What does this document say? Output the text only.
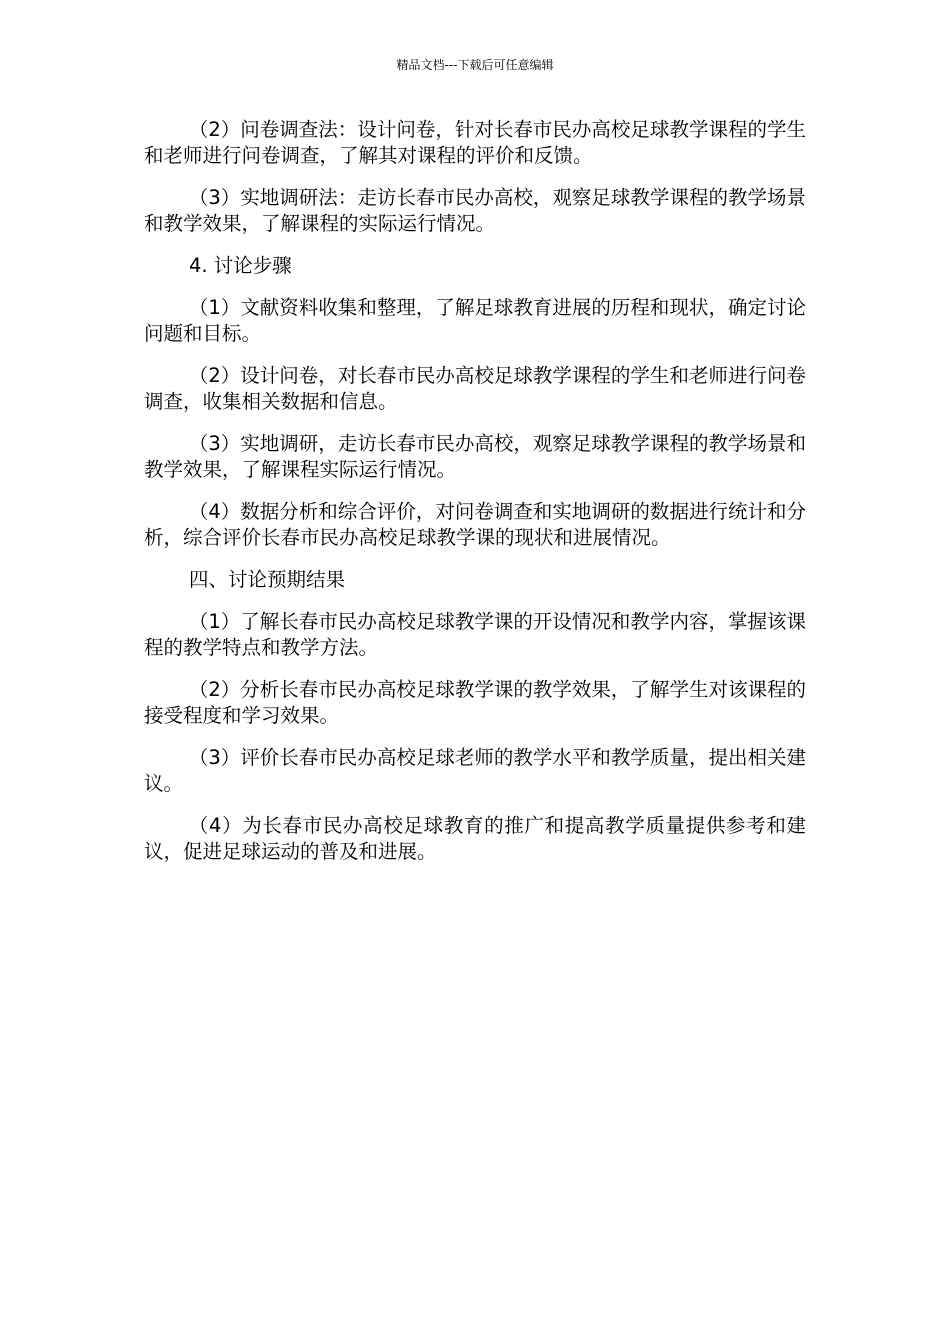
精品文档---下载后可任意编辑

（2）问卷调查法：设计问卷，针对长春市民办高校足球教学课程的学生和老师进行问卷调查，了解其对课程的评价和反馈。

（3）实地调研法：走访长春市民办高校，观察足球教学课程的教学场景和教学效果，了解课程的实际运行情况。

4. 讨论步骤

（1）文献资料收集和整理，了解足球教育进展的历程和现状，确定讨论问题和目标。

（2）设计问卷，对长春市民办高校足球教学课程的学生和老师进行问卷调查，收集相关数据和信息。

（3）实地调研，走访长春市民办高校，观察足球教学课程的教学场景和教学效果，了解课程实际运行情况。

（4）数据分析和综合评价，对问卷调查和实地调研的数据进行统计和分析，综合评价长春市民办高校足球教学课的现状和进展情况。

四、讨论预期结果

（1）了解长春市民办高校足球教学课的开设情况和教学内容，掌握该课程的教学特点和教学方法。

（2）分析长春市民办高校足球教学课的教学效果，了解学生对该课程的接受程度和学习效果。

（3）评价长春市民办高校足球老师的教学水平和教学质量，提出相关建议。

（4）为长春市民办高校足球教育的推广和提高教学质量提供参考和建议，促进足球运动的普及和进展。
